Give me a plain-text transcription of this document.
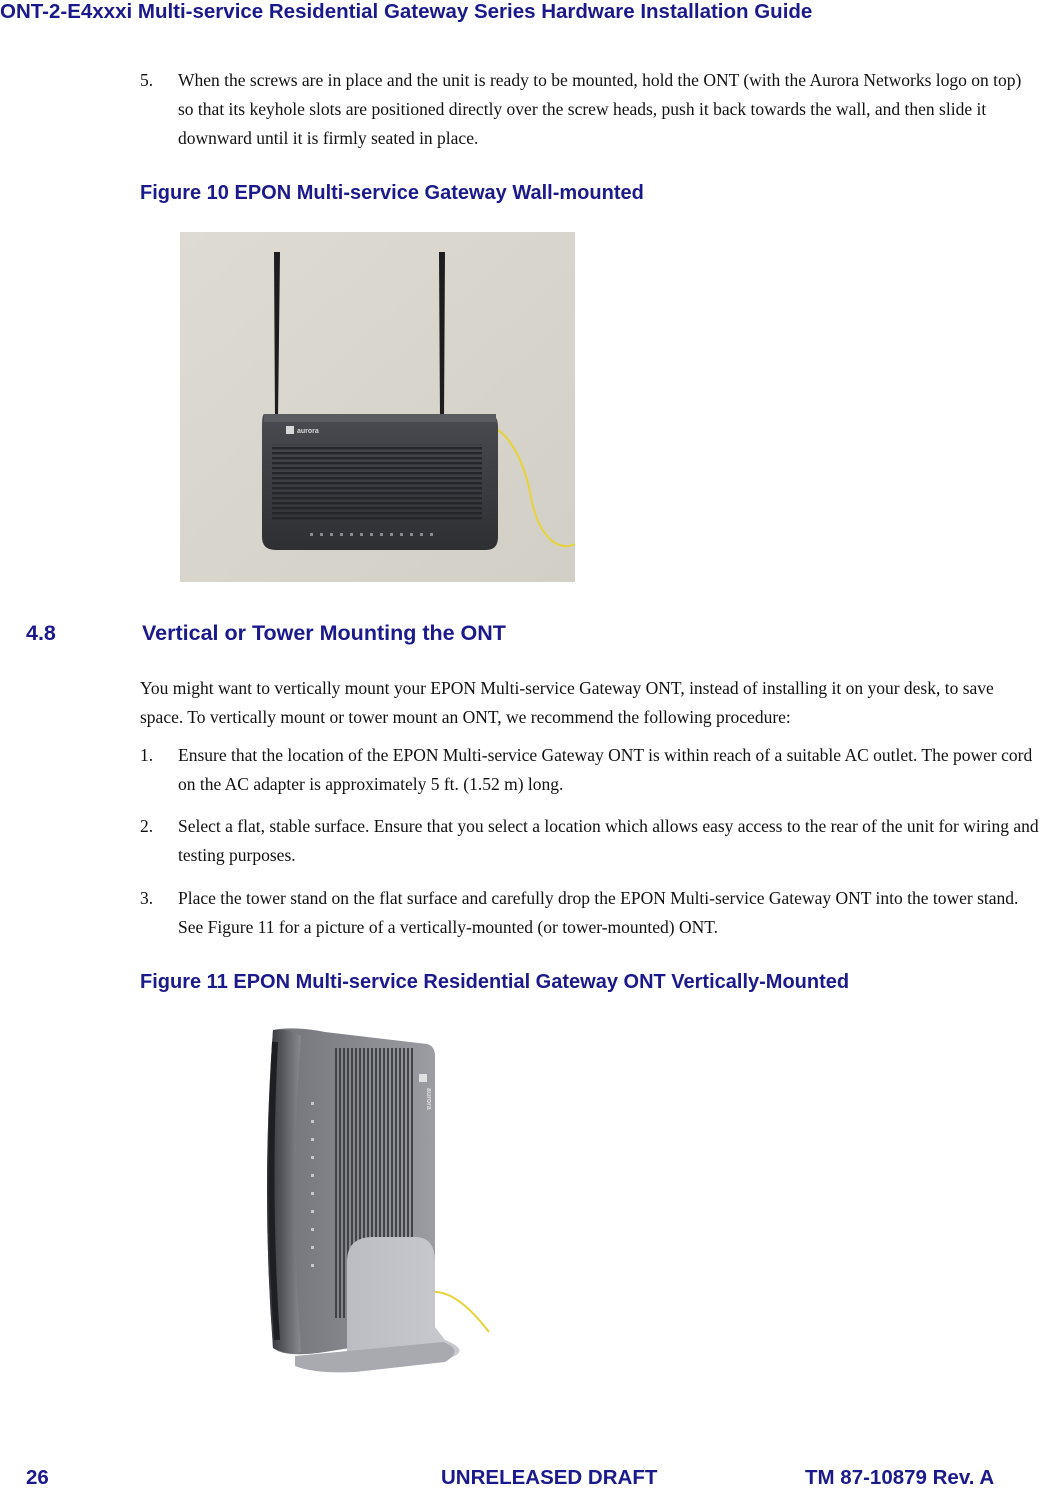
ONT-2-E4xxxi Multi-service Residential Gateway Series Hardware Installation Guide
5. When the screws are in place and the unit is ready to be mounted, hold the ONT (with the Aurora Networks logo on top) so that its keyhole slots are positioned directly over the screw heads, push it back towards the wall, and then slide it downward until it is firmly seated in place.
Figure 10 EPON Multi-service Gateway Wall-mounted
aurora
4.8	Vertical or Tower Mounting the ONT
You might want to vertically mount your EPON Multi-service Gateway ONT, instead of installing it on your desk, to save space. To vertically mount or tower mount an ONT, we recommend the following procedure:
1. Ensure that the location of the EPON Multi-service Gateway ONT is within reach of a suitable AC outlet. The power cord on the AC adapter is approximately 5 ft. (1.52 m) long.
2. Select a flat, stable surface. Ensure that you select a location which allows easy access to the rear of the unit for wiring and testing purposes.
3. Place the tower stand on the flat surface and carefully drop the EPON Multi-service Gateway ONT into the tower stand. See Figure 11 for a picture of a vertically-mounted (or tower-mounted) ONT.
Figure 11 EPON Multi-service Residential Gateway ONT Vertically-Mounted
aurora
26	UNRELEASED DRAFT	TM 87-10879 Rev. A
